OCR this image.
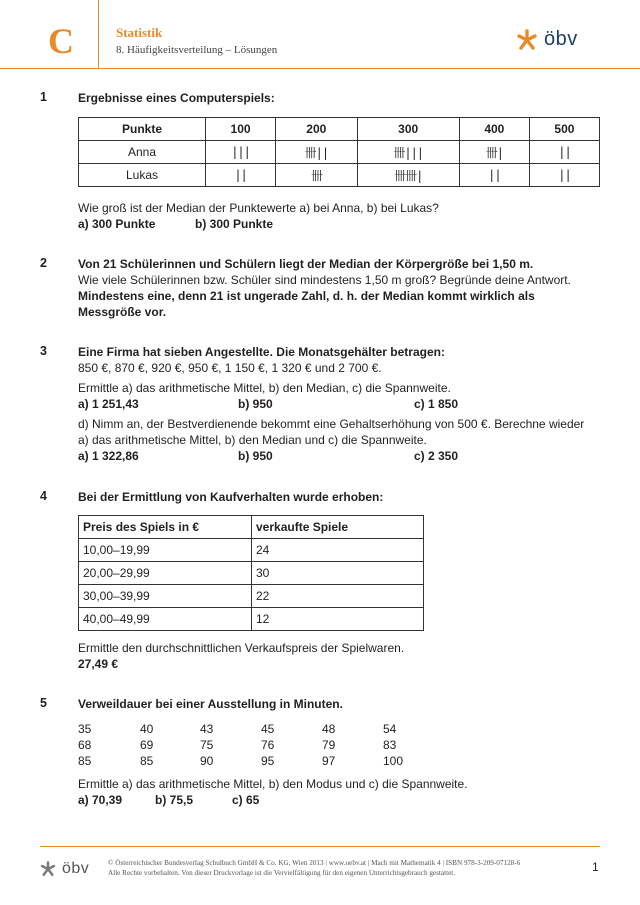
C	Statistik
8. Häufigkeitsverteilung – Lösungen	öbv
1	Ergebnisse eines Computerspiels:
Punkte	100	200	300	400	500
Anna	|||	卌||	卌|||	卌|	||
Lukas	||	卌	卌卌|	||	||
Wie groß ist der Median der Punktewerte a) bei Anna, b) bei Lukas?
a) 300 Punkte	b) 300 Punkte
2	Von 21 Schülerinnen und Schülern liegt der Median der Körpergröße bei 1,50 m.
Wie viele Schülerinnen bzw. Schüler sind mindestens 1,50 m groß? Begründe deine Antwort.
Mindestens eine, denn 21 ist ungerade Zahl, d. h. der Median kommt wirklich als Messgröße vor.
3	Eine Firma hat sieben Angestellte. Die Monatsgehälter betragen:
850 €, 870 €, 920 €, 950 €, 1 150 €, 1 320 € und 2 700 €.
Ermittle a) das arithmetische Mittel, b) den Median, c) die Spannweite.
a) 1 251,43	b) 950	c) 1 850
d) Nimm an, der Bestverdienende bekommt eine Gehaltserhöhung von 500 €. Berechne wieder a) das arithmetische Mittel, b) den Median und c) die Spannweite.
a) 1 322,86	b) 950	c) 2 350
4	Bei der Ermittlung von Kaufverhalten wurde erhoben:
Preis des Spiels in €	verkaufte Spiele
10,00–19,99	24
20,00–29,99	30
30,00–39,99	22
40,00–49,99	12
Ermittle den durchschnittlichen Verkaufspreis der Spielwaren.
27,49 €
5	Verweildauer bei einer Ausstellung in Minuten.
35	40	43	45	48	54
68	69	75	76	79	83
85	85	90	95	97	100
Ermittle a) das arithmetische Mittel, b) den Modus und c) die Spannweite.
a) 70,39	b) 75,5	c) 65
öbv	© Österreichischer Bundesverlag Schulbuch GmbH & Co. KG, Wien 2013 | www.oebv.at | Mach mit Mathematik 4 | ISBN 978-3-209-07128-6
Alle Rechte vorbehalten. Von dieser Druckvorlage ist die Vervielfältigung für den eigenen Unterrichtsgebrauch gestattet.	1
